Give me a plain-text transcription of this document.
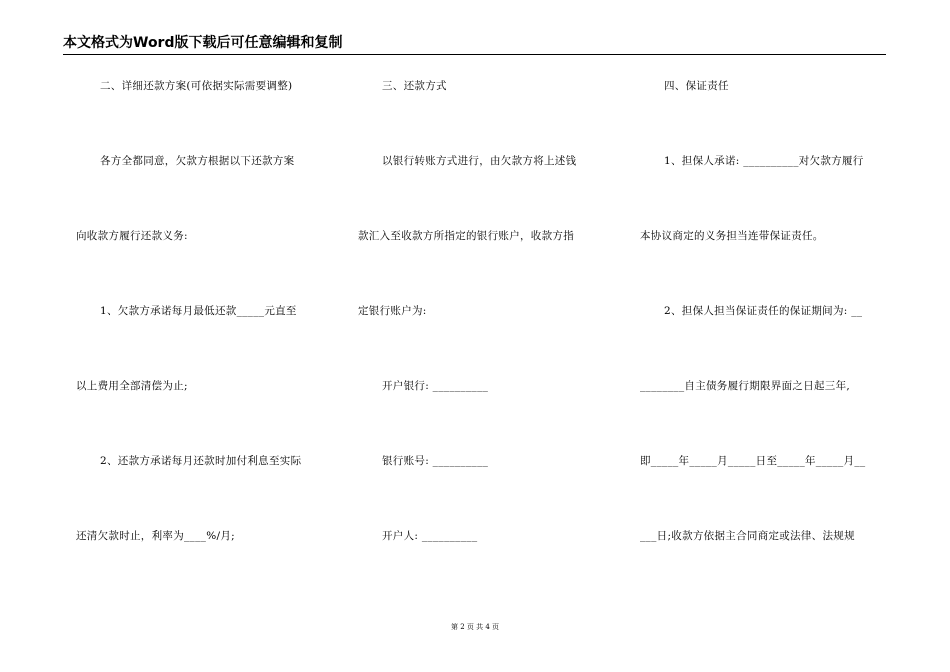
本文格式为Word版下载后可任意编辑和复制
二、详细还款方案(可依据实际需要调整)
各方全都同意，欠款方根据以下还款方案
向收款方履行还款义务:
1、欠款方承诺每月最低还款_____元直至
以上费用全部清偿为止;
2、还款方承诺每月还款时加付利息至实际
还清欠款时止，利率为____%/月;
三、还款方式
以银行转账方式进行，由欠款方将上述钱
款汇入至收款方所指定的银行账户，收款方指
定银行账户为:
开户银行: __________
银行账号: __________
开户人: __________
四、保证责任
1、担保人承诺: __________对欠款方履行
本协议商定的义务担当连带保证责任。
2、担保人担当保证责任的保证期间为: __
________自主债务履行期限界面之日起三年,
即_____年_____月_____日至_____年_____月__
___日;收款方依据主合同商定或法律、法规规
第 2 页 共 4 页
